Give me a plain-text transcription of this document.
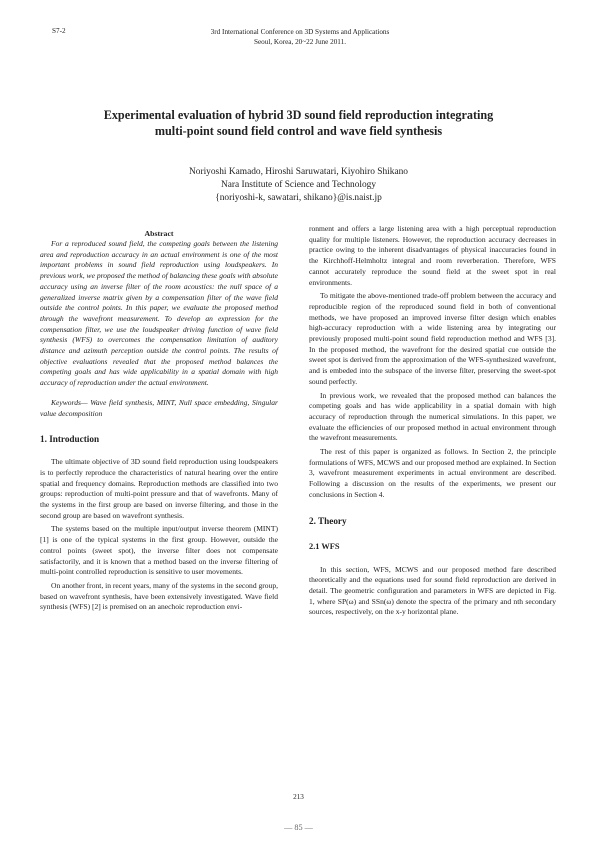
S7-2	3rd International Conference on 3D Systems and Applications
Seoul, Korea, 20~22 June 2011.
Experimental evaluation of hybrid 3D sound field reproduction integrating
multi-point sound field control and wave field synthesis
Noriyoshi Kamado, Hiroshi Saruwatari, Kiyohiro Shikano
Nara Institute of Science and Technology
{noriyoshi-k, sawatari, shikano}@is.naist.jp
Abstract

For a reproduced sound field, the competing goals between the listening area and reproduction accuracy in an actual environment is one of the most important problems in sound field reproduction using loudspeakers. In previous work, we proposed the method of balancing these goals with absolute accuracy using an inverse filter of the room acoustics: the null space of a generalized inverse matrix given by a compensation filter of the wave field outside the control points. In this paper, we evaluate the proposed method through the wavefront measurement. To develop an expression for the compensation filter, we use the loudspeaker driving function of wave field synthesis (WFS) to overcomes the compensation limitation of auditory distance and azimuth perception outside the control points. The results of objective evaluations revealed that the proposed method balances the competing goals and has wide applicability in a spatial domain with high accuracy of reproduction under the actual environment.

Keywords— Wave field synthesis, MINT, Null space embedding, Singular value decomposition

1. Introduction

The ultimate objective of 3D sound field reproduction using loudspeakers is to perfectly reproduce the characteristics of natural hearing over the entire spatial and frequency domains. Reproduction methods are classified into two groups: reproduction of multi-point pressure and that of wavefronts. Many of the systems in the first group are based on inverse filtering, and those in the second group are based on wavefront synthesis.

The systems based on the multiple input/output inverse theorem (MINT) [1] is one of the typical systems in the first group. However, outside the control points (sweet spot), the inverse filter does not compensate satisfactorily, and it is known that a method based on the inverse filtering of multi-point controlled reproduction is sensitive to user movements.

On another front, in recent years, many of the systems in the second group, based on wavefront synthesis, have been extensively investigated. Wave field synthesis (WFS) [2] is premised on an anechoic reproduction envi-

ronment and offers a large listening area with a high perceptual reproduction quality for multiple listeners. However, the reproduction accuracy decreases in practice owing to the inherent disadvantages of physical inaccuracies found in the Kirchhoff-Helmholtz integral and room reverberation. Therefore, WFS cannot accurately reproduce the sound field at the sweet spot in real environments.

To mitigate the above-mentioned trade-off problem between the accuracy and reproducible region of the reproduced sound field in both of conventional methods, we have proposed an improved inverse filter design which enables high-accuracy reproduction with a wide listening area by integrating our previously proposed multi-point sound field reproduction method and WFS [3]. In the proposed method, the wavefront for the desired spatial cue outside the sweet spot is derived from the approximation of the WFS-synthesized wavefront, and is embeded into the subspace of the inverse filter, preserving the sweet-spot sound perfectly.

In previous work, we revealed that the proposed method can balances the competing goals and has wide applicability in a spatial domain with high accuracy of reproduction through the numerical simulations. In this paper, we evaluate the efficiencies of our proposed method in actual environment through the wavefront measurements.

The rest of this paper is organized as follows. In Section 2, the principle formulations of WFS, MCWS and our proposed method are explained. In Section 3, wavefront measurement experiments in actual environment are described. Following a discussion on the results of the experiments, we present our conclusions in Section 4.

2. Theory
2.1 WFS

In this section, WFS, MCWS and our proposed method fare described theoretically and the equations used for sound field reproduction are derived in detail. The geometric configuration and parameters in WFS are depicted in Fig. 1, where SP(ω) and SSn(ω) denote the spectra of the primary and nth secondary sources, respectively, on the x-y horizontal plane.

213
— 85 —
